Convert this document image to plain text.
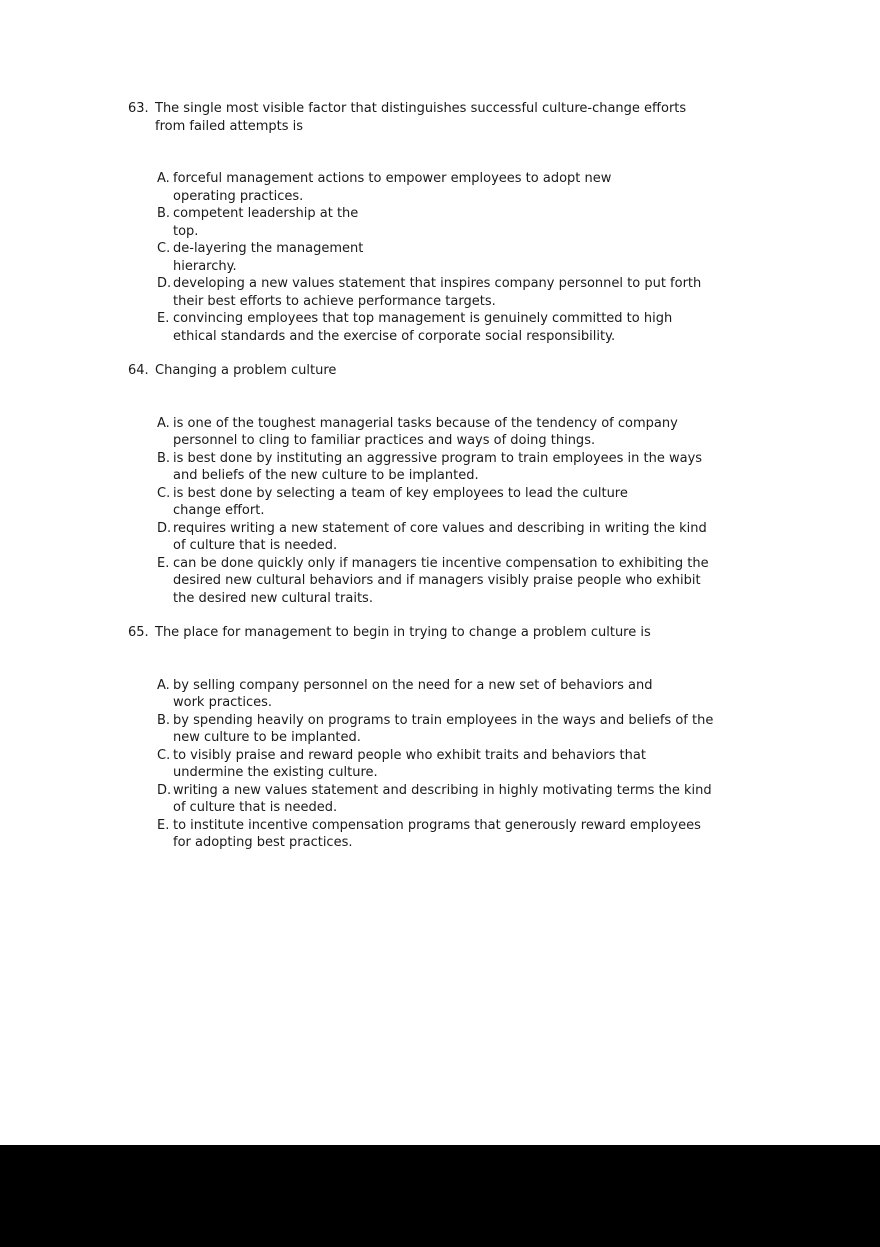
63. The single most visible factor that distinguishes successful culture-change efforts
from failed attempts is
A. forceful management actions to empower employees to adopt new
operating practices.
B. competent leadership at the
top.
C. de-layering the management
hierarchy.
D. developing a new values statement that inspires company personnel to put forth
their best efforts to achieve performance targets.
E. convincing employees that top management is genuinely committed to high
ethical standards and the exercise of corporate social responsibility.
64. Changing a problem culture
A. is one of the toughest managerial tasks because of the tendency of company
personnel to cling to familiar practices and ways of doing things.
B. is best done by instituting an aggressive program to train employees in the ways
and beliefs of the new culture to be implanted.
C. is best done by selecting a team of key employees to lead the culture
change effort.
D. requires writing a new statement of core values and describing in writing the kind
of culture that is needed.
E. can be done quickly only if managers tie incentive compensation to exhibiting the
desired new cultural behaviors and if managers visibly praise people who exhibit
the desired new cultural traits.
65. The place for management to begin in trying to change a problem culture is
A. by selling company personnel on the need for a new set of behaviors and
work practices.
B. by spending heavily on programs to train employees in the ways and beliefs of the
new culture to be implanted.
C. to visibly praise and reward people who exhibit traits and behaviors that
undermine the existing culture.
D. writing a new values statement and describing in highly motivating terms the kind
of culture that is needed.
E. to institute incentive compensation programs that generously reward employees
for adopting best practices.
